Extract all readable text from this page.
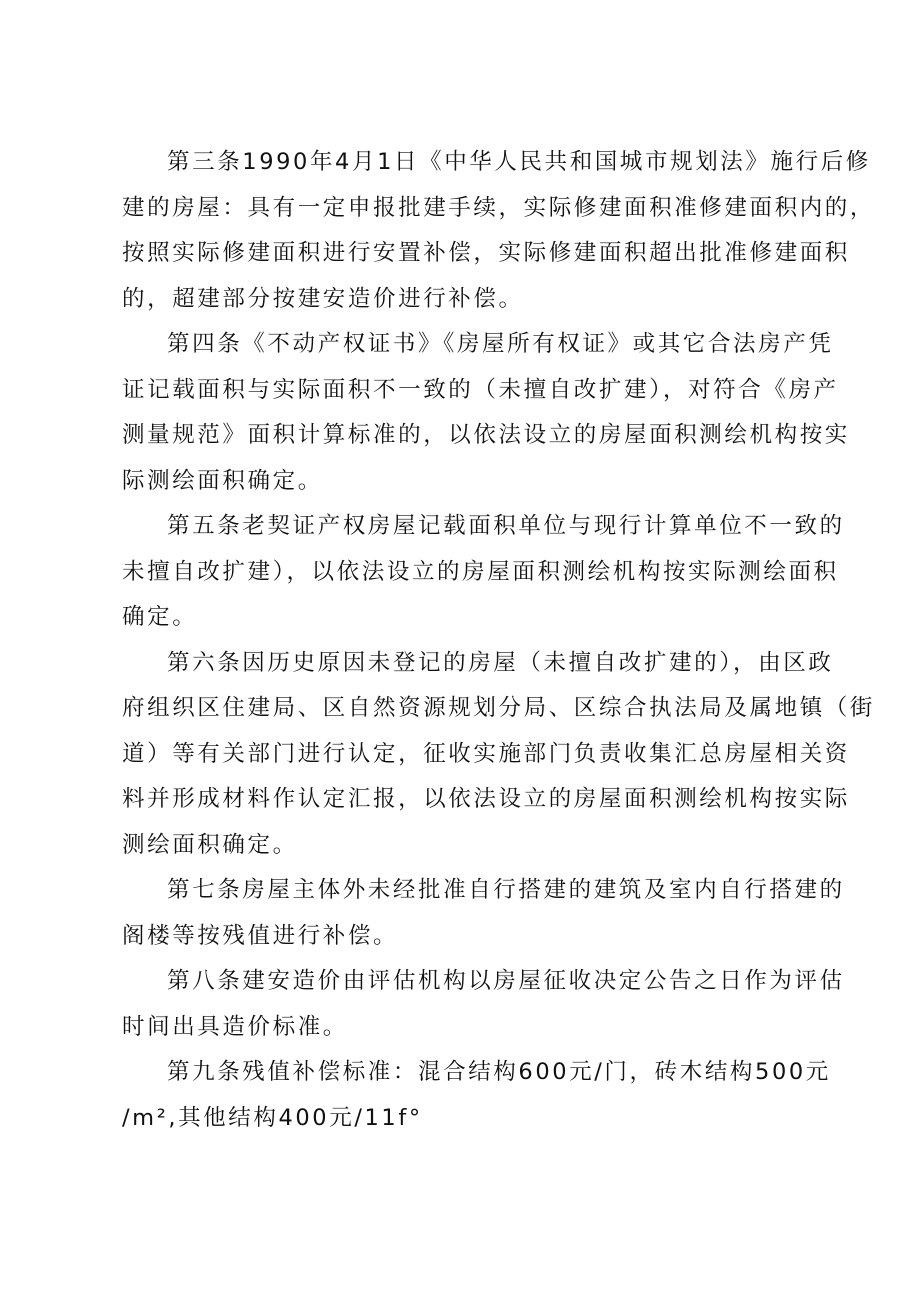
第三条1990年4月1日《中华人民共和国城市规划法》施行后修
建的房屋：具有一定申报批建手续，实际修建面积准修建面积内的，
按照实际修建面积进行安置补偿，实际修建面积超出批准修建面积
的，超建部分按建安造价进行补偿。

第四条《不动产权证书》《房屋所有权证》或其它合法房产凭
证记载面积与实际面积不一致的（未擅自改扩建），对符合《房产
测量规范》面积计算标准的，以依法设立的房屋面积测绘机构按实
际测绘面积确定。

第五条老契证产权房屋记载面积单位与现行计算单位不一致的
未擅自改扩建），以依法设立的房屋面积测绘机构按实际测绘面积
确定。

第六条因历史原因未登记的房屋（未擅自改扩建的），由区政
府组织区住建局、区自然资源规划分局、区综合执法局及属地镇（街
道）等有关部门进行认定，征收实施部门负责收集汇总房屋相关资
料并形成材料作认定汇报，以依法设立的房屋面积测绘机构按实际
测绘面积确定。

第七条房屋主体外未经批准自行搭建的建筑及室内自行搭建的
阁楼等按残值进行补偿。

第八条建安造价由评估机构以房屋征收决定公告之日作为评估
时间出具造价标准。

第九条残值补偿标准：混合结构600元/门，砖木结构500元
/m²,其他结构400元/11f°
